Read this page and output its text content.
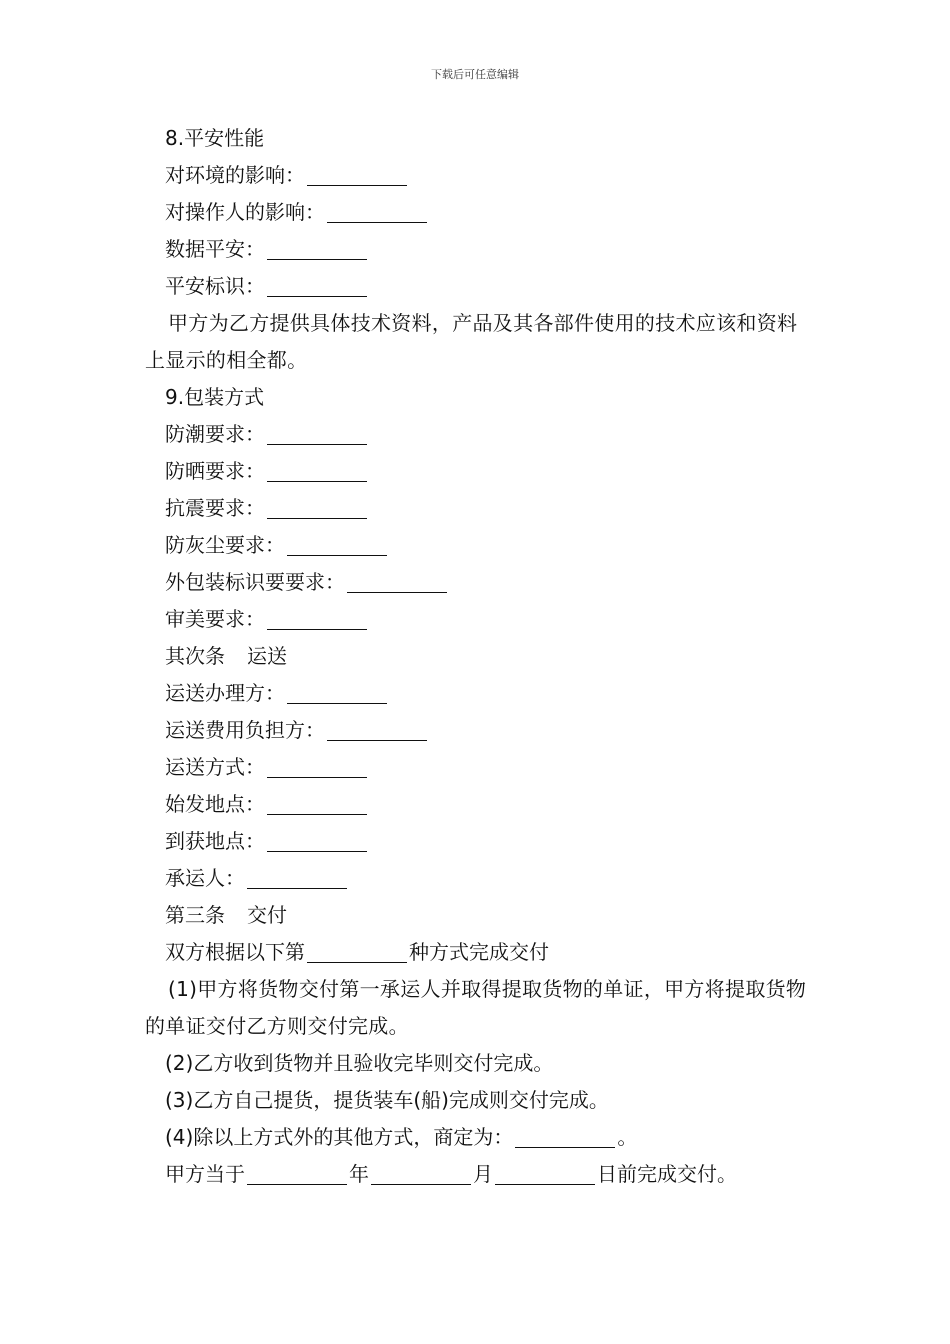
下载后可任意编辑
8.平安性能
对环境的影响：
对操作人的影响：
数据平安：
平安标识：
甲方为乙方提供具体技术资料，产品及其各部件使用的技术应该和资料上显示的相全都。
9.包装方式
防潮要求：
防晒要求：
抗震要求：
防灰尘要求：
外包装标识要要求：
审美要求：
其次条 运送
运送办理方：
运送费用负担方：
运送方式：
始发地点：
到获地点：
承运人：
第三条 交付
双方根据以下第	种方式完成交付
(1)甲方将货物交付第一承运人并取得提取货物的单证，甲方将提取货物的单证交付乙方则交付完成。
(2)乙方收到货物并且验收完毕则交付完成。
(3)乙方自己提货，提货装车(船)完成则交付完成。
(4)除以上方式外的其他方式，商定为：	。
甲方当于	年	月	日前完成交付。
